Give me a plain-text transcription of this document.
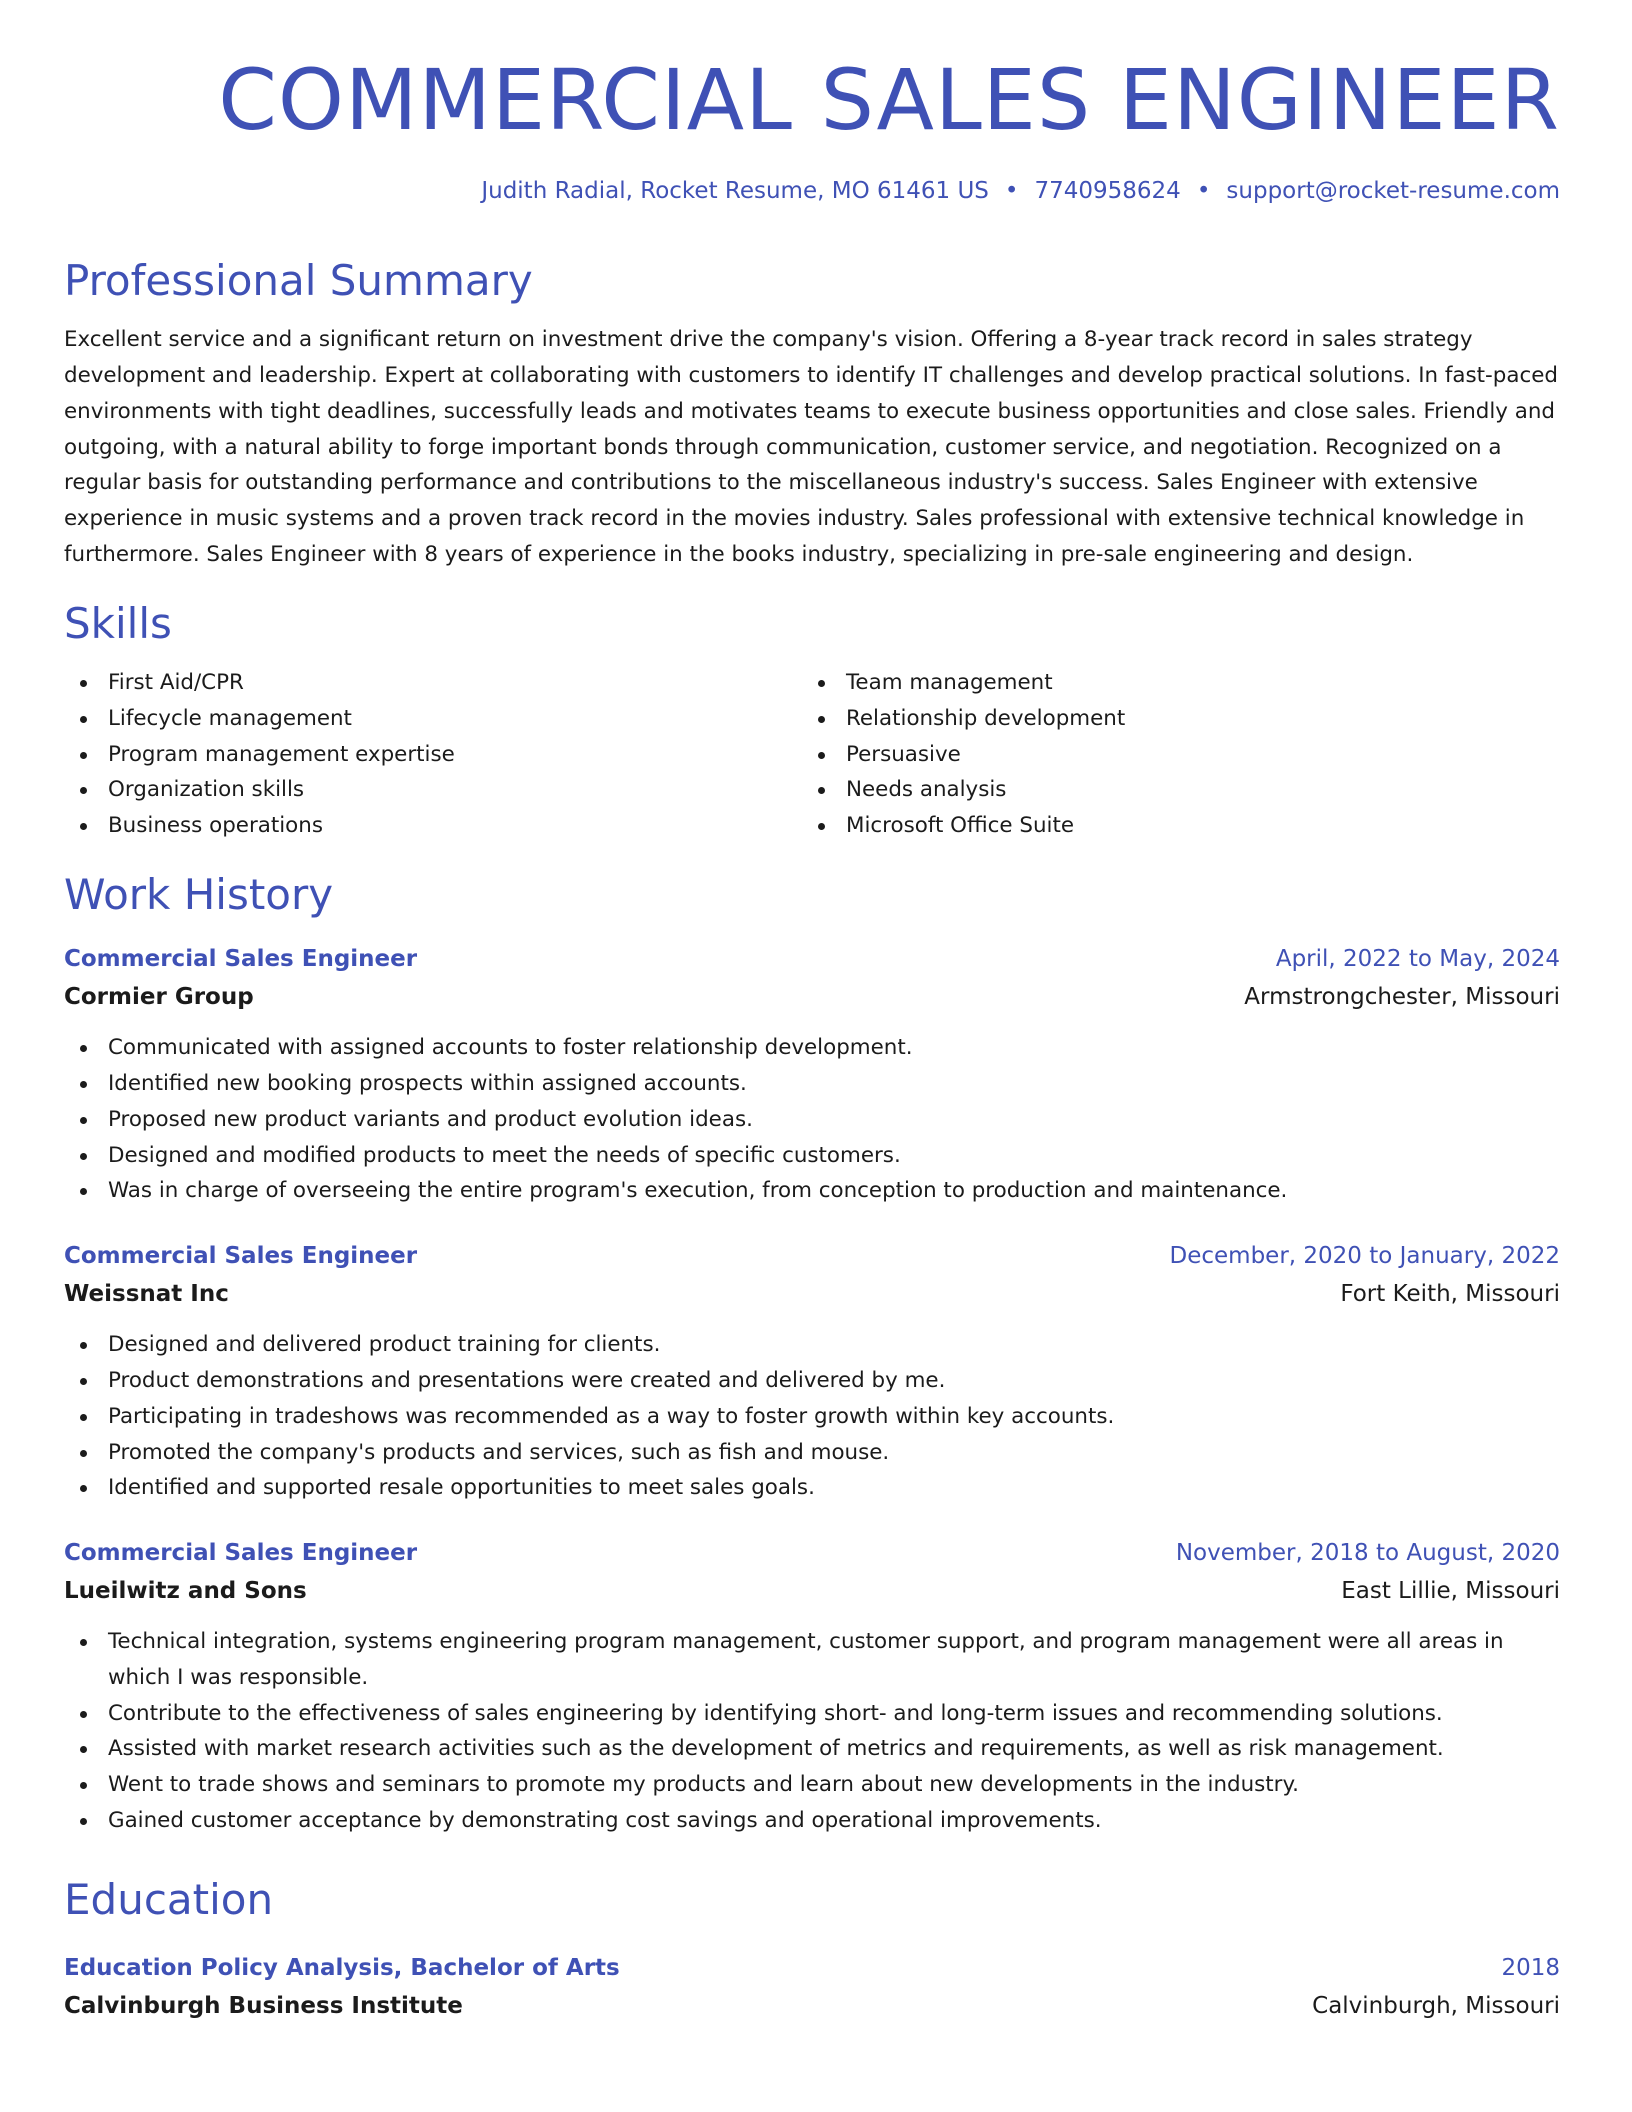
COMMERCIAL SALES ENGINEER
Judith Radial, Rocket Resume, MO 61461 US • 7740958624 • support@rocket-resume.com
Professional Summary

Excellent service and a significant return on investment drive the company's vision. Offering a 8-year track record in sales strategy development and leadership. Expert at collaborating with customers to identify IT challenges and develop practical solutions. In fast-paced environments with tight deadlines, successfully leads and motivates teams to execute business opportunities and close sales. Friendly and outgoing, with a natural ability to forge important bonds through communication, customer service, and negotiation. Recognized on a regular basis for outstanding performance and contributions to the miscellaneous industry's success. Sales Engineer with extensive experience in music systems and a proven track record in the movies industry. Sales professional with extensive technical knowledge in furthermore. Sales Engineer with 8 years of experience in the books industry, specializing in pre-sale engineering and design.

Skills
First Aid/CPR
Lifecycle management
Program management expertise
Organization skills
Business operations
Team management
Relationship development
Persuasive
Needs analysis
Microsoft Office Suite
Work History
Commercial Sales Engineer	April, 2022 to May, 2024
Cormier Group	Armstrongchester, Missouri
Communicated with assigned accounts to foster relationship development.
Identified new booking prospects within assigned accounts.
Proposed new product variants and product evolution ideas.
Designed and modified products to meet the needs of specific customers.
Was in charge of overseeing the entire program's execution, from conception to production and maintenance.
Commercial Sales Engineer	December, 2020 to January, 2022
Weissnat Inc	Fort Keith, Missouri
Designed and delivered product training for clients.
Product demonstrations and presentations were created and delivered by me.
Participating in tradeshows was recommended as a way to foster growth within key accounts.
Promoted the company's products and services, such as fish and mouse.
Identified and supported resale opportunities to meet sales goals.
Commercial Sales Engineer	November, 2018 to August, 2020
Lueilwitz and Sons	East Lillie, Missouri
Technical integration, systems engineering program management, customer support, and program management were all areas in which I was responsible.
Contribute to the effectiveness of sales engineering by identifying short- and long-term issues and recommending solutions.
Assisted with market research activities such as the development of metrics and requirements, as well as risk management.
Went to trade shows and seminars to promote my products and learn about new developments in the industry.
Gained customer acceptance by demonstrating cost savings and operational improvements.
Education
Education Policy Analysis, Bachelor of Arts	2018
Calvinburgh Business Institute	Calvinburgh, Missouri
